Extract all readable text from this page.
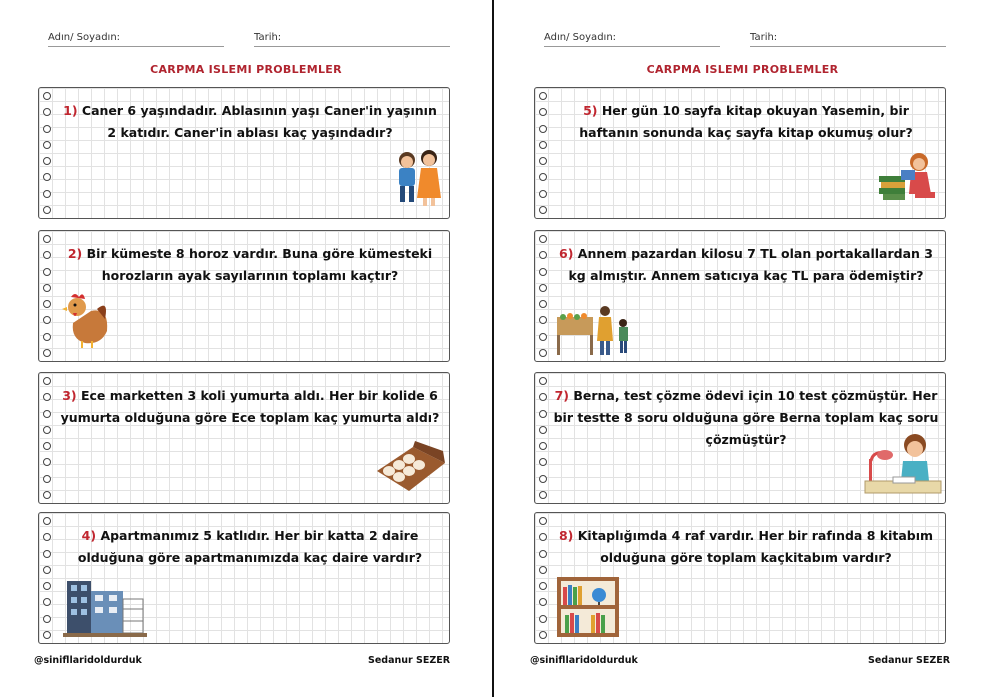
Adın/ Soyadın:	Tarih:
CARPMA ISLEMI PROBLEMLER
1) Caner 6 yaşındadır. Ablasının yaşı Caner'in yaşının 2 katıdır. Caner'in ablası kaç yaşındadır?
2) Bir kümeste 8 horoz vardır. Buna göre kümesteki horozların ayak sayılarının toplamı kaçtır?
3) Ece marketten 3 koli yumurta aldı. Her bir kolide 6 yumurta olduğuna göre Ece toplam kaç yumurta aldı?
4) Apartmanımız 5 katlıdır. Her bir katta 2 daire olduğuna göre apartmanımızda kaç daire vardır?
@sinifllaridoldurduk	Sedanur SEZER
Adın/ Soyadın:	Tarih:
CARPMA ISLEMI PROBLEMLER
5) Her gün 10 sayfa kitap okuyan Yasemin, bir haftanın sonunda kaç sayfa kitap okumuş olur?
6) Annem pazardan kilosu 7 TL olan portakallardan 3 kg almıştır. Annem satıcıya kaç TL para ödemiştir?
7) Berna, test çözme ödevi için 10 test çözmüştür. Her bir testte 8 soru olduğuna göre Berna toplam kaç soru çözmüştür?
8) Kitaplığımda 4 raf vardır. Her bir rafında 8 kitabım olduğuna göre toplam kaçkitabım vardır?
@sinifllaridoldurduk	Sedanur SEZER
